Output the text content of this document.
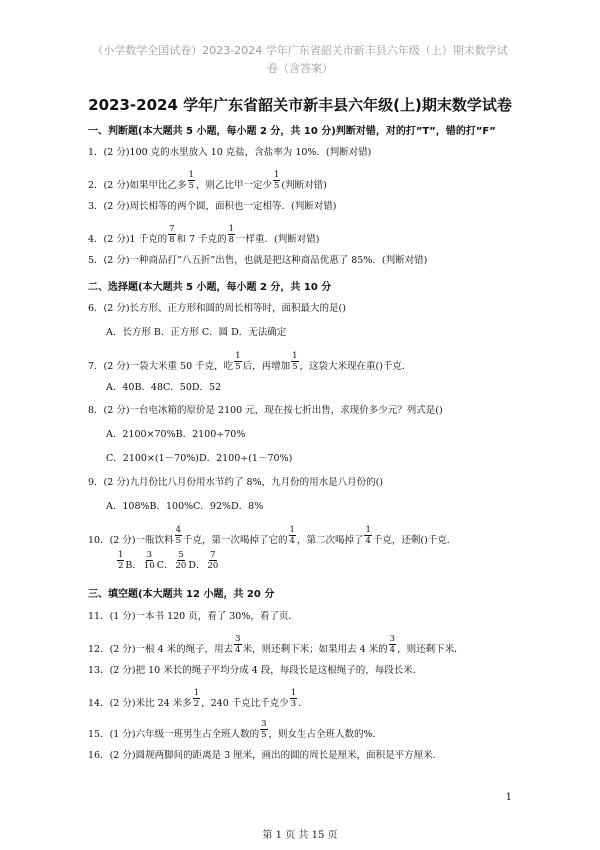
（小学数学全国试卷）2023-2024 学年广东省韶关市新丰县六年级（上）期末数学试
卷（含答案）
2023-2024 学年广东省韶关市新丰县六年级(上)期末数学试卷
一、判断题(本大题共 5 小题，每小题 2 分，共 10 分)判断对错，对的打”T”，错的打”F”
1．(2 分)100 克的水里放入 10 克盐，含盐率为 10%．(判断对错)
2．(2 分)如果甲比乙多 $\frac{1}{5}$ ，则乙比甲一定少 $\frac{1}{5}$ (判断对错)
3．(2 分)周长相等的两个圆，面积也一定相等．(判断对错)
4．(2 分)1 千克的 $\frac{7}{8}$ 和 7 千克的 $\frac{1}{8}$ 一样重．(判断对错)
5．(2 分)一种商品打”八五折”出售，也就是把这种商品优惠了 85%．(判断对错)
二、选择题(本大题共 5 小题，每小题 2 分，共 10 分
6．(2 分)长方形、正方形和圆的周长相等时，面积最大的是()
A．长方形 B．正方形 C．圆 D．无法确定
7．(2 分)一袋大米重 50 千克，吃 $\frac{1}{5}$ 后，再增加 $\frac{1}{5}$ ，这袋大米现在重()千克．
A．40B．48C．50D．52
8．(2 分)一台电冰箱的原价是 2100 元，现在按七折出售，求现价多少元？列式是()
A．2100×70%B．2100÷70%
C．2100×(1－70%)D．2100÷(1－70%)
9．(2 分)九月份比八月份用水节约了 8%，九月份的用水是八月份的()
A．108%B．100%C．92%D．8%
10．(2 分)一瓶饮料 $\frac{4}{5}$ 千克，第一次喝掉了它的 $\frac{1}{4}$ ，第二次喝掉了 $\frac{1}{4}$ 千克，还剩()千克．
$\frac{1}{2}$ B． $\frac{3}{10}$ C． $\frac{5}{20}$ D． $\frac{7}{20}$
三、填空题(本大题共 12 小题，共 20 分
11．(1 分)一本书 120 页，看了 30%，看了页．
12．(2 分)一根 4 米的绳子，用去 $\frac{3}{4}$ 米，则还剩下米；如果用去 4 米的 $\frac{3}{4}$ ，则还剩下米．
13．(2 分)把 10 米长的绳子平均分成 4 段，每段长是这根绳子的，每段长米．
14．(2 分)米比 24 米多 $\frac{1}{2}$ ，240 千克比千克少 $\frac{1}{3}$ ．
15．(1 分)六年级一班男生占全班人数的 $\frac{3}{5}$ ，则女生占全班人数的%．
16．(2 分)圆规两脚间的距离是 3 厘米，画出的圆的周长是厘米，面积是平方厘米．
1
第 1 页 共 15 页
